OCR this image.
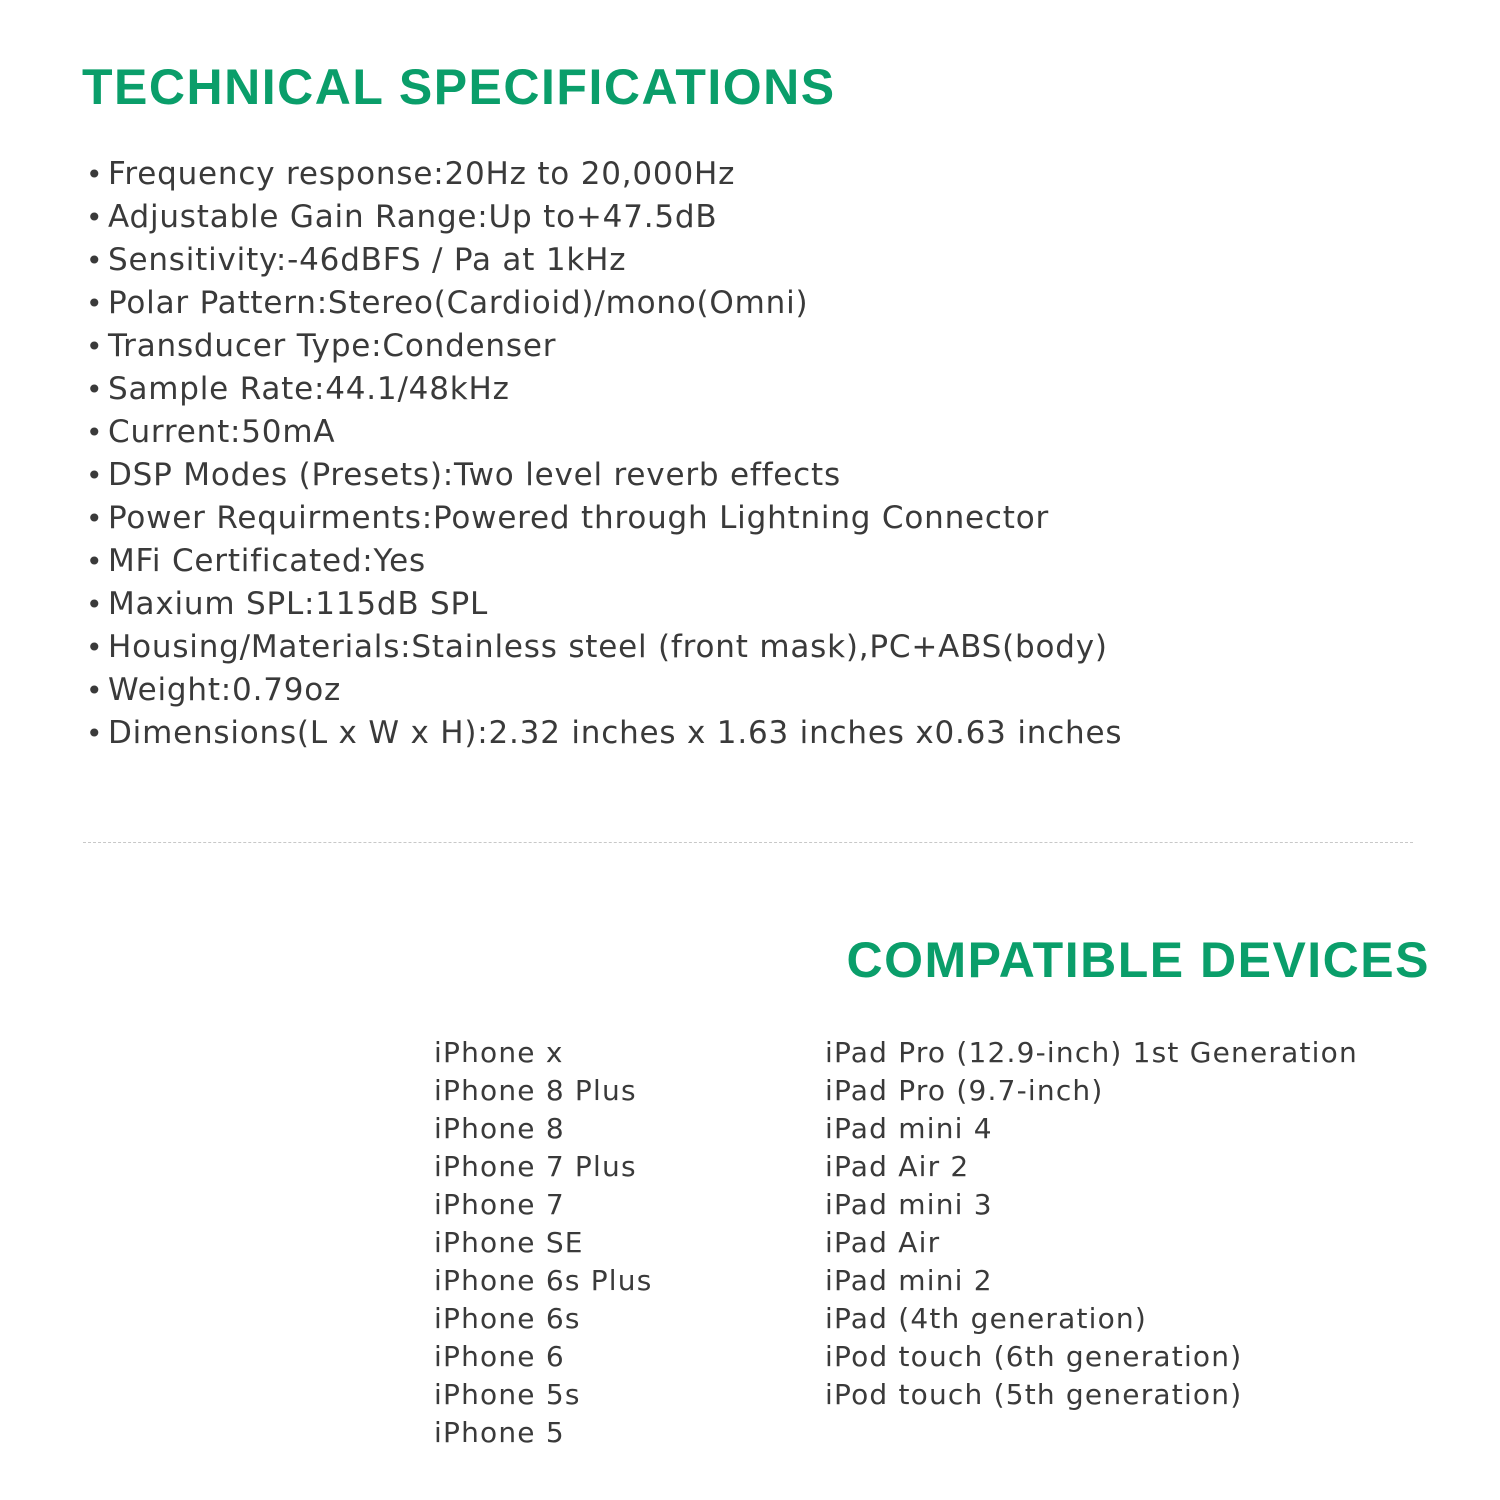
TECHNICAL SPECIFICATIONS
• Frequency response:20Hz to 20,000Hz
• Adjustable Gain Range:Up to+47.5dB
• Sensitivity:-46dBFS / Pa at 1kHz
• Polar Pattern:Stereo(Cardioid)/mono(Omni)
• Transducer Type:Condenser
• Sample Rate:44.1/48kHz
• Current:50mA
• DSP Modes (Presets):Two level reverb effects
• Power Requirments:Powered through Lightning Connector
• MFi Certificated:Yes
• Maxium SPL:115dB SPL
• Housing/Materials:Stainless steel (front mask),PC+ABS(body)
• Weight:0.79oz
• Dimensions(L x W x H):2.32 inches x 1.63 inches x0.63 inches
COMPATIBLE DEVICES
iPhone x
iPhone 8 Plus
iPhone 8
iPhone 7 Plus
iPhone 7
iPhone SE
iPhone 6s Plus
iPhone 6s
iPhone 6
iPhone 5s
iPhone 5
iPad Pro (12.9-inch) 1st Generation
iPad Pro (9.7-inch)
iPad mini 4
iPad Air 2
iPad mini 3
iPad Air
iPad mini 2
iPad (4th generation)
iPod touch (6th generation)
iPod touch (5th generation)
